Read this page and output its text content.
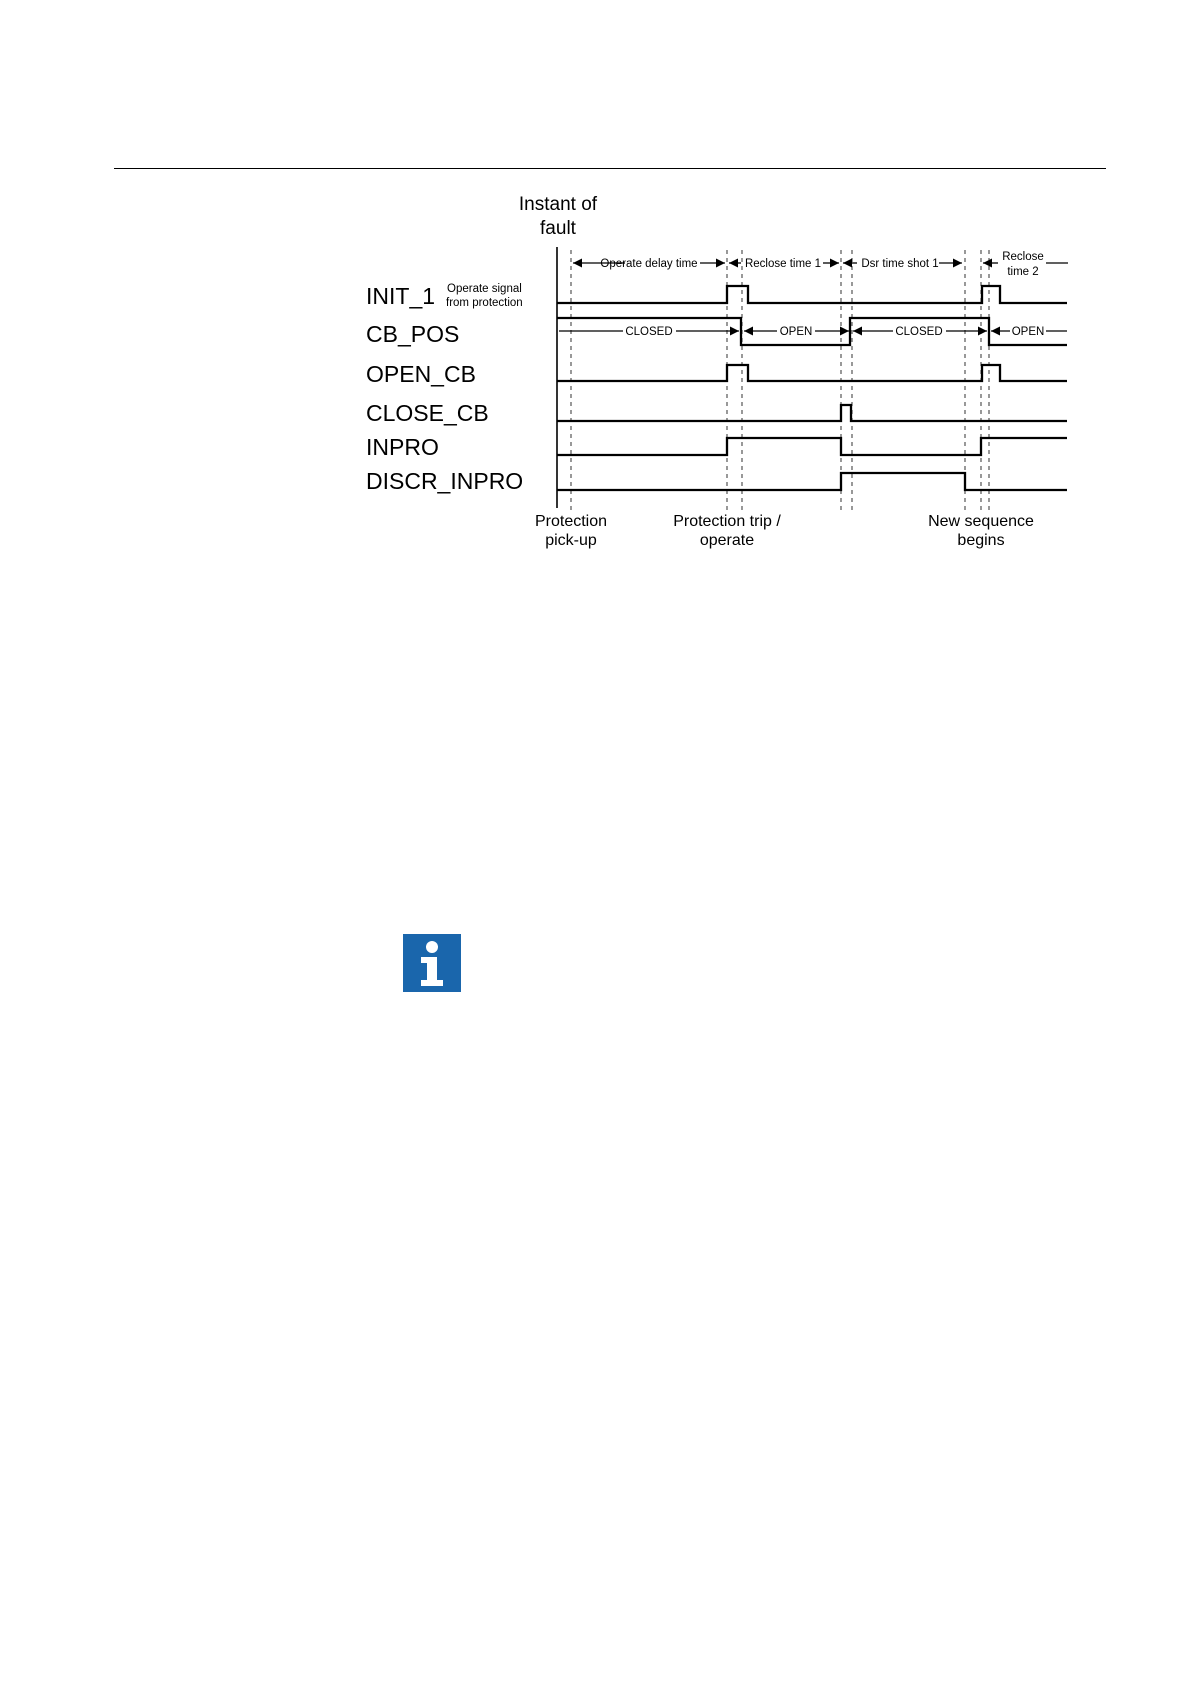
Instant of
fault
Operate delay time	Reclose time 1	Dsr time shot 1
Reclose
time 2
INIT_1 Operate signal
from protection
CB_POS
OPEN_CB
CLOSE_CB
INPRO
DISCR_INPRO
CLOSED	OPEN	CLOSED	OPEN
Protection
pick-up
Protection trip /
operate
New sequence
begins
